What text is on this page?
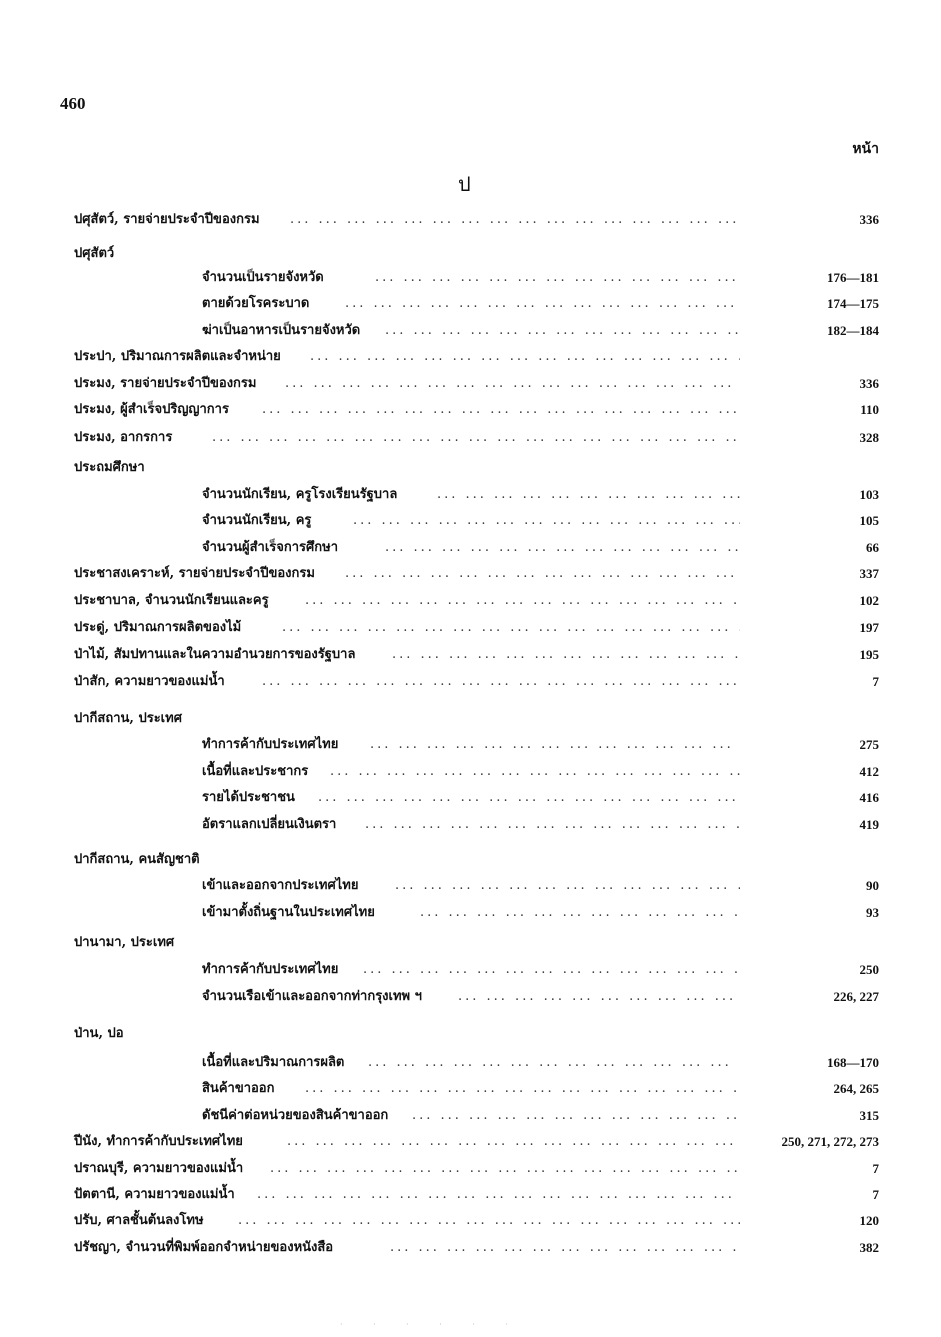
460
หน้า
ป
ปศุสัตว์, รายจ่ายประจำปีของกรม ... .	336
ปศุสัตว์
จำนวนเป็นรายจังหวัด ... .	176—181
ตายด้วยโรคระบาด ... .	174—175
ฆ่าเป็นอาหารเป็นรายจังหวัด ... .	182—184
ประปา, ปริมาณการผลิตและจำหน่าย
... .
ประมง, รายจ่ายประจำปีของกรม ... .	336
ประมง, ผู้สำเร็จปริญญาการ ... .	110
ประมง, อากรการ ... .	328
ประถมศึกษา
จำนวนนักเรียน, ครูโรงเรียนรัฐบาล ... .	103
จำนวนนักเรียน, ครู ... .	105
จำนวนผู้สำเร็จการศึกษา ... .	66
ประชาสงเคราะห์, รายจ่ายประจำปีของกรม ... .	337
ประชาบาล, จำนวนนักเรียนและครู ... .	102
ประดู่, ปริมาณการผลิตของไม้ ... .	197
ป่าไม้, สัมปทานและในความอำนวยการของรัฐบาล ... .	195
ป่าสัก, ความยาวของแม่น้ำ ... .	7
ปากีสถาน, ประเทศ
ทำการค้ากับประเทศไทย ... .	275
เนื้อที่และประชากร ... .	412
รายได้ประชาชน ... .	416
อัตราแลกเปลี่ยนเงินตรา ... .	419
ปากีสถาน, คนสัญชาติ
เข้าและออกจากประเทศไทย ... .	90
เข้ามาตั้งถิ่นฐานในประเทศไทย ... .	93
ปานามา, ประเทศ
ทำการค้ากับประเทศไทย ... .	250
จำนวนเรือเข้าและออกจากท่ากรุงเทพ ฯ ... .	226, 227
ป่าน, ปอ
เนื้อที่และปริมาณการผลิต ... .	168—170
สินค้าขาออก ... .	264, 265
ดัชนีค่าต่อหน่วยของสินค้าขาออก ... .	315
ปีนัง, ทำการค้ากับประเทศไทย ... .	250, 271, 272, 273
ปราณบุรี, ความยาวของแม่น้ำ ... .	7
ปัตตานี, ความยาวของแม่น้ำ ... .	7
ปรับ, ศาลชั้นต้นลงโทษ ... .	120
ปรัชญา, จำนวนที่พิมพ์ออกจำหน่ายของหนังสือ ... .	382
· · · · · ·
